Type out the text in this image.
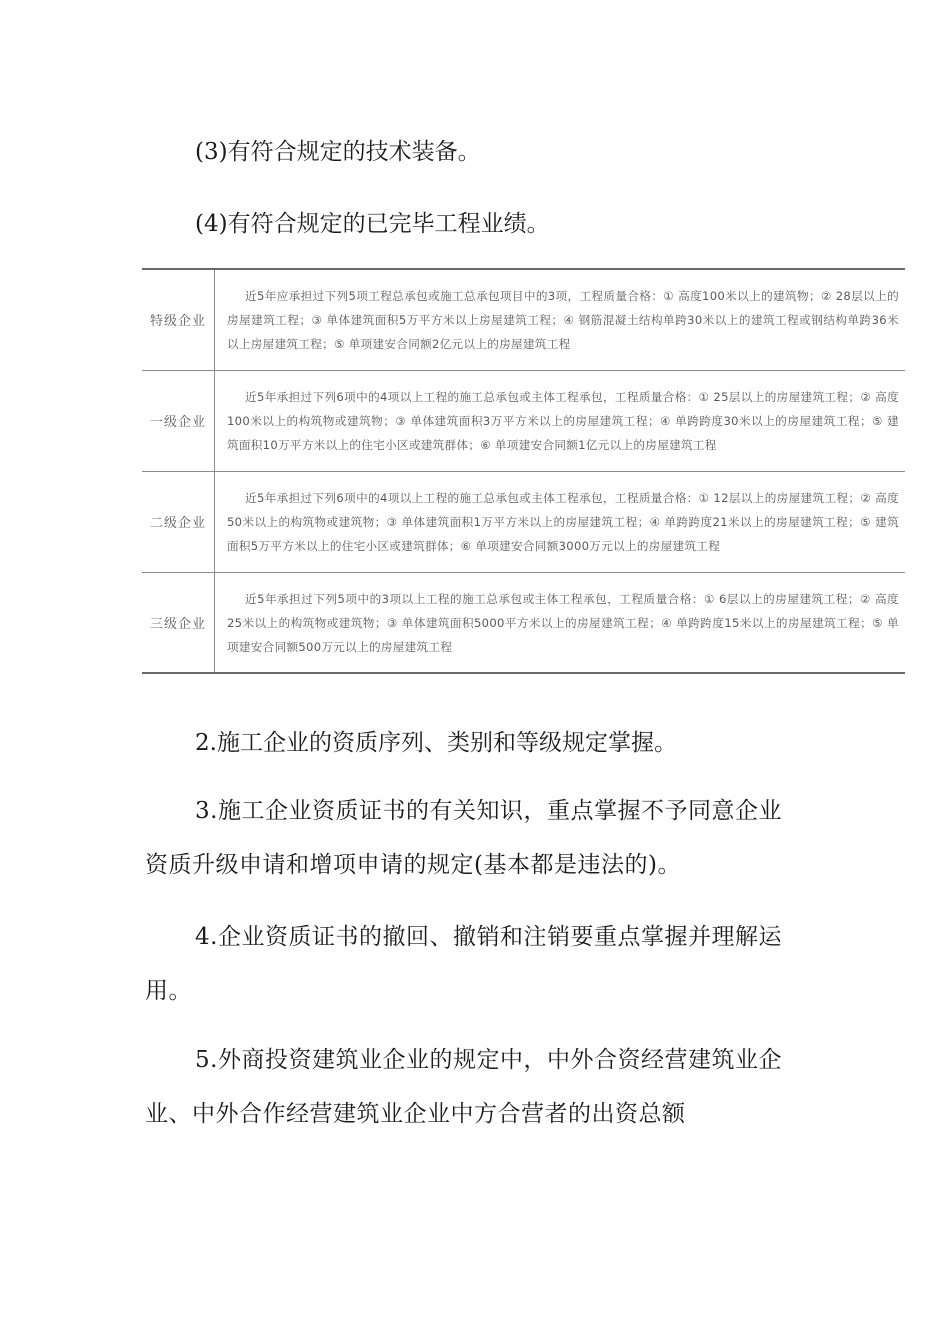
(3)有符合规定的技术装备。

(4)有符合规定的已完毕工程业绩。

特级企业	近5年应承担过下列5项工程总承包或施工总承包项目中的3项，工程质量合格：① 高度100米以上的建筑物；② 28层以上的房屋建筑工程；③ 单体建筑面积5万平方米以上房屋建筑工程；④ 钢筋混凝土结构单跨30米以上的建筑工程或钢结构单跨36米以上房屋建筑工程；⑤ 单项建安合同额2亿元以上的房屋建筑工程
一级企业	近5年承担过下列6项中的4项以上工程的施工总承包或主体工程承包，工程质量合格：① 25层以上的房屋建筑工程；② 高度100米以上的构筑物或建筑物；③ 单体建筑面积3万平方米以上的房屋建筑工程；④ 单跨跨度30米以上的房屋建筑工程；⑤ 建筑面积10万平方米以上的住宅小区或建筑群体；⑥ 单项建安合同额1亿元以上的房屋建筑工程
二级企业	近5年承担过下列6项中的4项以上工程的施工总承包或主体工程承包，工程质量合格：① 12层以上的房屋建筑工程；② 高度50米以上的构筑物或建筑物；③ 单体建筑面积1万平方米以上的房屋建筑工程；④ 单跨跨度21米以上的房屋建筑工程；⑤ 建筑面积5万平方米以上的住宅小区或建筑群体；⑥ 单项建安合同额3000万元以上的房屋建筑工程
三级企业	近5年承担过下列5项中的3项以上工程的施工总承包或主体工程承包，工程质量合格：① 6层以上的房屋建筑工程；② 高度25米以上的构筑物或建筑物；③ 单体建筑面积5000平方米以上的房屋建筑工程；④ 单跨跨度15米以上的房屋建筑工程；⑤ 单项建安合同额500万元以上的房屋建筑工程

2.施工企业的资质序列、类别和等级规定掌握。

3.施工企业资质证书的有关知识，重点掌握不予同意企业资质升级申请和增项申请的规定(基本都是违法的)。

4.企业资质证书的撤回、撤销和注销要重点掌握并理解运用。

5.外商投资建筑业企业的规定中，中外合资经营建筑业企业、中外合作经营建筑业企业中方合营者的出资总额
